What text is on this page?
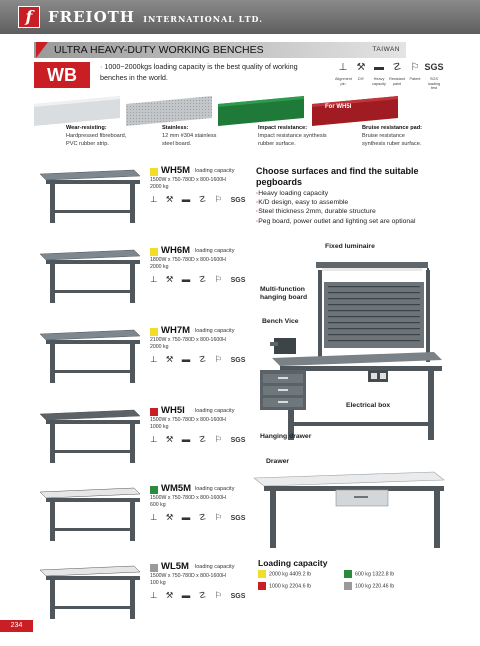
f	FREIOTH INTERNATIONAL LTD.
ULTRA HEAVY-DUTY WORKING BENCHES	TAIWAN
WB	· 1000~2000kgs loading capacity is the best quality of working benches in the world.
⊥
Alignment pin
⚒
DIY
▬
Heavy capacity
☡
Resistant paint
⚐
Patent
SGS
SGS loading test
For WH5I
Wear-resisting:
Hardpressed fibreboard,
PVC rubber strip.
Stainless:
12 mm #304 stainless
steel board.
Impact resistance:
Impact resistance synthesis
rubber surface.
Bruise resistance pad:
Bruise resistance
synthesis ruber surface.
WH5M loading capacity
1500W x 750-780D x 800-1600H
2000 kg
⊥ ⚒ ▬ ☡ ⚐ SGS
WH6M loading capacity
1800W x 750-780D x 800-1600H
2000 kg
⊥ ⚒ ▬ ☡ ⚐ SGS
WH7M loading capacity
2100W x 750-780D x 800-1600H
2000 kg
⊥ ⚒ ▬ ☡ ⚐ SGS
WH5I loading capacity
1500W x 750-780D x 800-1600H
1000 kg
⊥ ⚒ ▬ ☡ ⚐ SGS
WM5M loading capacity
1500W x 750-780D x 800-1600H
600 kg
⊥ ⚒ ▬ ☡ ⚐ SGS
WL5M loading capacity
1500W x 750-780D x 800-1600H
100 kg
⊥ ⚒ ▬ ☡ ⚐ SGS
Choose surfaces and find the suitable pegboards
· Heavy loading capacity
· K/D design, easy to assemble
· Steel thickness 2mm, durable structure
· Peg board, power outlet and lighting set are optional
Fixed luminaire
Multi-function hanging board
Bench Vice
Electrical box
Hanging drawer
Drawer
Loading capacity
2000 kg 4409.2 lb	600 kg 1322.8 lb
1000 kg 2204.6 lb	100 kg 220.46 lb
234
